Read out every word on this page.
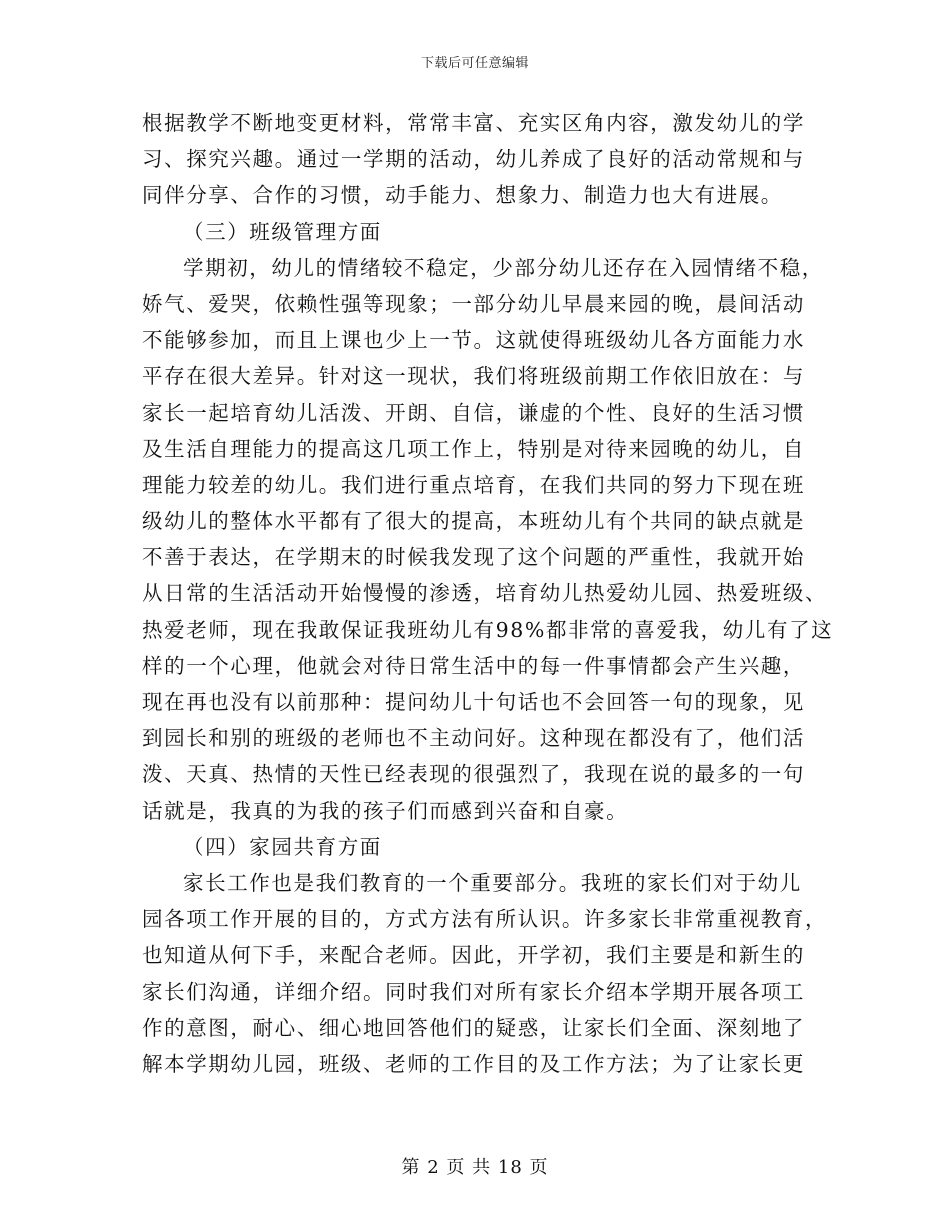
下载后可任意编辑
根据教学不断地变更材料，常常丰富、充实区角内容，激发幼儿的学
习、探究兴趣。通过一学期的活动，幼儿养成了良好的活动常规和与
同伴分享、合作的习惯，动手能力、想象力、制造力也大有进展。
（三）班级管理方面
学期初，幼儿的情绪较不稳定，少部分幼儿还存在入园情绪不稳，
娇气、爱哭，依赖性强等现象；一部分幼儿早晨来园的晚，晨间活动
不能够参加，而且上课也少上一节。这就使得班级幼儿各方面能力水
平存在很大差异。针对这一现状，我们将班级前期工作依旧放在：与
家长一起培育幼儿活泼、开朗、自信，谦虚的个性、良好的生活习惯
及生活自理能力的提高这几项工作上，特别是对待来园晚的幼儿，自
理能力较差的幼儿。我们进行重点培育，在我们共同的努力下现在班
级幼儿的整体水平都有了很大的提高，本班幼儿有个共同的缺点就是
不善于表达，在学期末的时候我发现了这个问题的严重性，我就开始
从日常的生活活动开始慢慢的渗透，培育幼儿热爱幼儿园、热爱班级、
热爱老师，现在我敢保证我班幼儿有98%都非常的喜爱我，幼儿有了这
样的一个心理，他就会对待日常生活中的每一件事情都会产生兴趣，
现在再也没有以前那种：提问幼儿十句话也不会回答一句的现象，见
到园长和别的班级的老师也不主动问好。这种现在都没有了，他们活
泼、天真、热情的天性已经表现的很强烈了，我现在说的最多的一句
话就是，我真的为我的孩子们而感到兴奋和自豪。
（四）家园共育方面
家长工作也是我们教育的一个重要部分。我班的家长们对于幼儿
园各项工作开展的目的，方式方法有所认识。许多家长非常重视教育，
也知道从何下手，来配合老师。因此，开学初，我们主要是和新生的
家长们沟通，详细介绍。同时我们对所有家长介绍本学期开展各项工
作的意图，耐心、细心地回答他们的疑惑，让家长们全面、深刻地了
解本学期幼儿园，班级、老师的工作目的及工作方法；为了让家长更
第 2 页 共 18 页
